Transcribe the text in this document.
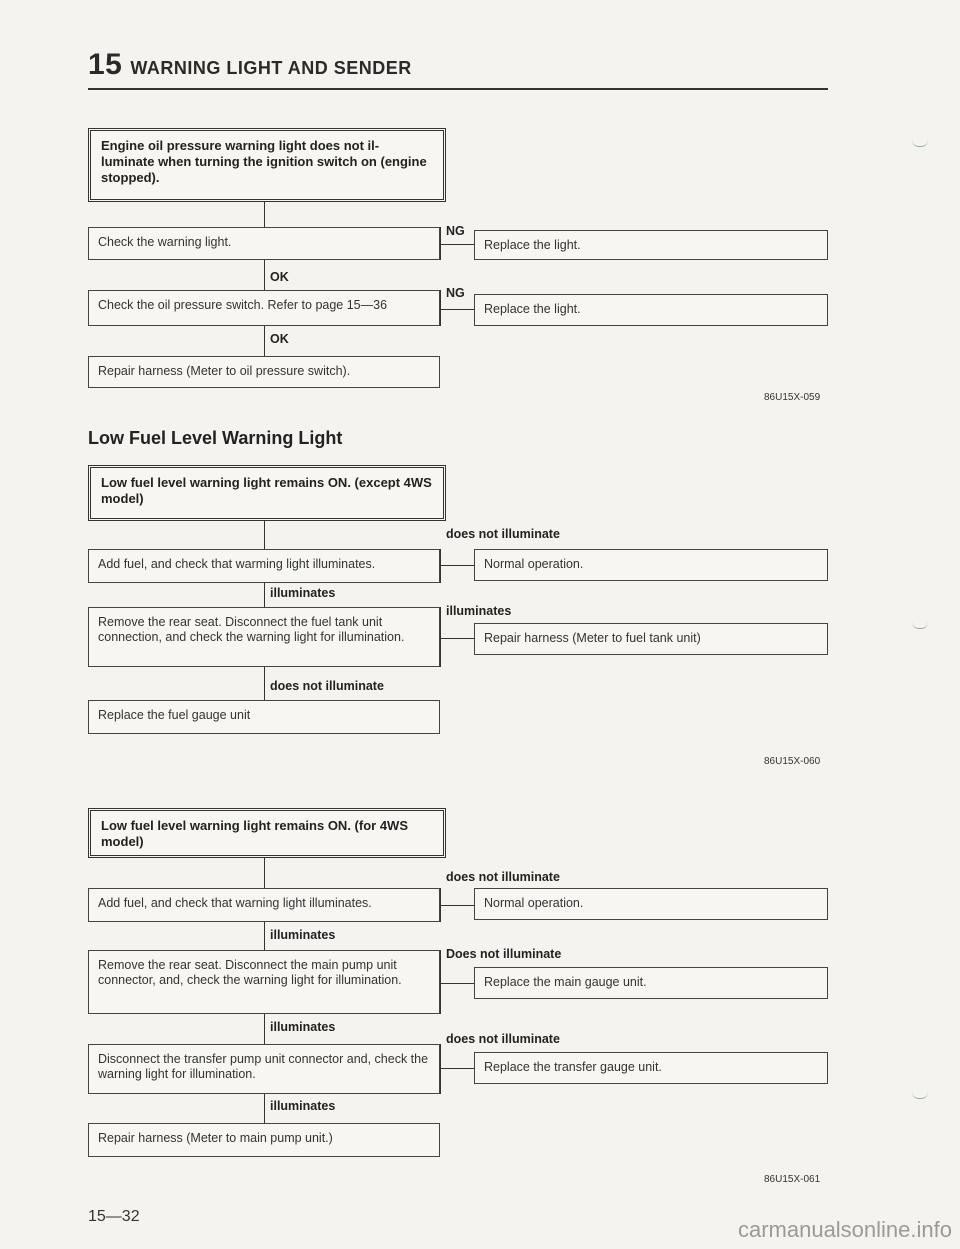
15 WARNING LIGHT AND SENDER
Engine oil pressure warning light does not il- luminate when turning the ignition switch on (engine stopped).
Check the warning light.
NG
Replace the light.
OK
Check the oil pressure switch. Refer to page 15—36
NG
Replace the light.
OK
Repair harness (Meter to oil pressure switch).
86U15X-059
Low Fuel Level Warning Light
Low fuel level warning light remains ON. (except 4WS model)
does not illuminate
Add fuel, and check that warming light illuminates.	Normal operation.
illuminates
Remove the rear seat. Disconnect the fuel tank unit connection, and check the warning light for illumination.
illuminates
Repair harness (Meter to fuel tank unit)
does not illuminate
Replace the fuel gauge unit
86U15X-060
Low fuel level warning light remains ON. (for 4WS model)
does not illuminate
Add fuel, and check that warning light illuminates.	Normal operation.
illuminates
Remove the rear seat. Disconnect the main pump unit connector, and, check the warning light for illumination.
Does not illuminate
Replace the main gauge unit.
illuminates
does not illuminate
Disconnect the transfer pump unit connector and, check the warning light for illumination.	Replace the transfer gauge unit.
illuminates
Repair harness (Meter to main pump unit.)
86U15X-061
15—32
carmanualsonline.info
